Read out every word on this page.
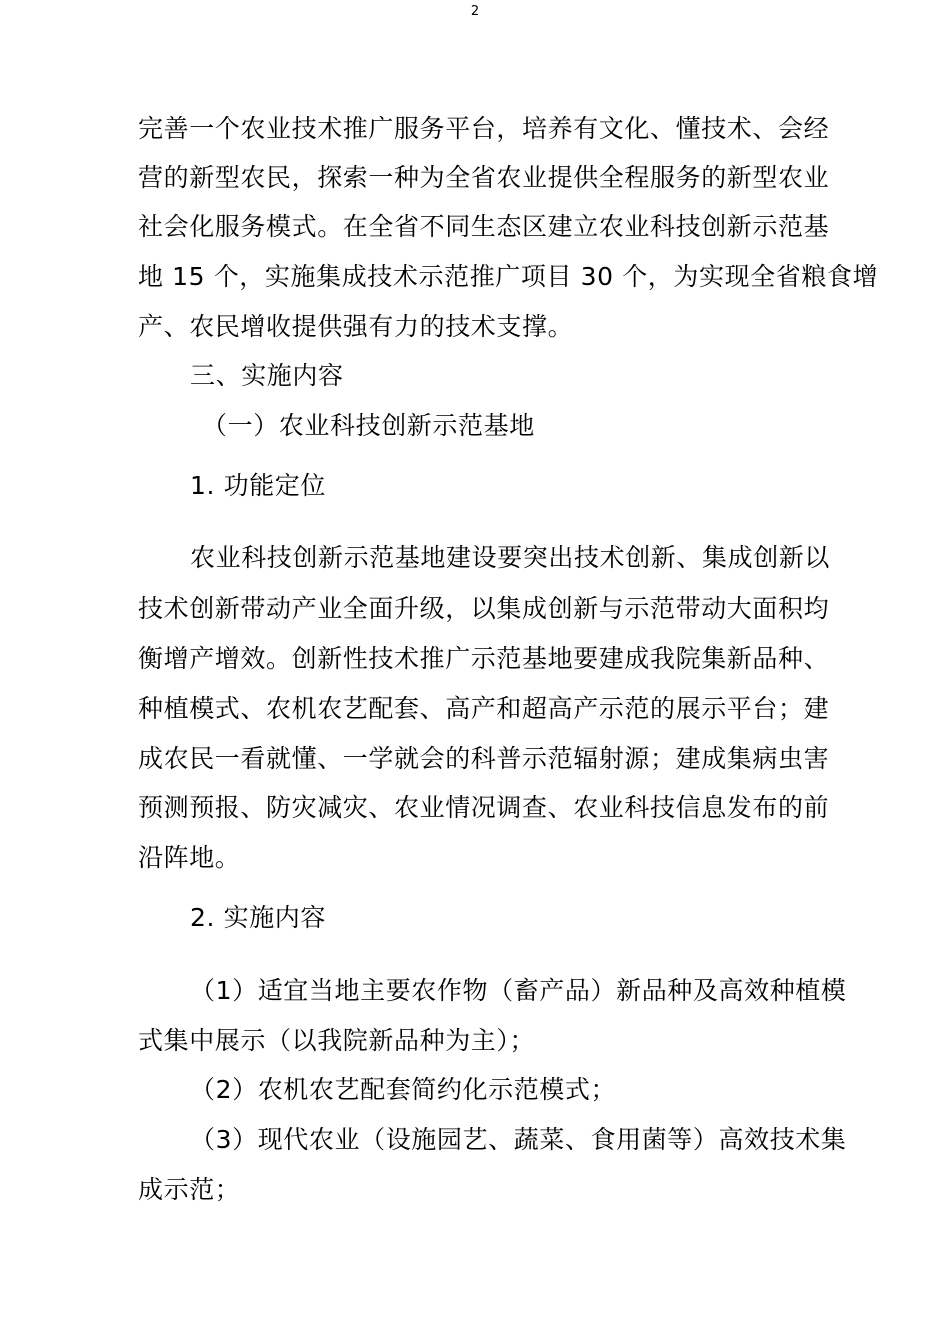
2
完善一个农业技术推广服务平台，培养有文化、懂技术、会经
营的新型农民，探索一种为全省农业提供全程服务的新型农业
社会化服务模式。在全省不同生态区建立农业科技创新示范基
地 15 个，实施集成技术示范推广项目 30 个，为实现全省粮食增
产、农民增收提供强有力的技术支撑。
三、实施内容
（一）农业科技创新示范基地
1. 功能定位
农业科技创新示范基地建设要突出技术创新、集成创新以
技术创新带动产业全面升级，以集成创新与示范带动大面积均
衡增产增效。创新性技术推广示范基地要建成我院集新品种、
种植模式、农机农艺配套、高产和超高产示范的展示平台；建
成农民一看就懂、一学就会的科普示范辐射源；建成集病虫害
预测预报、防灾减灾、农业情况调查、农业科技信息发布的前
沿阵地。
2. 实施内容
（1）适宜当地主要农作物（畜产品）新品种及高效种植模
式集中展示（以我院新品种为主）；
（2）农机农艺配套简约化示范模式；
（3）现代农业（设施园艺、蔬菜、食用菌等）高效技术集
成示范；
